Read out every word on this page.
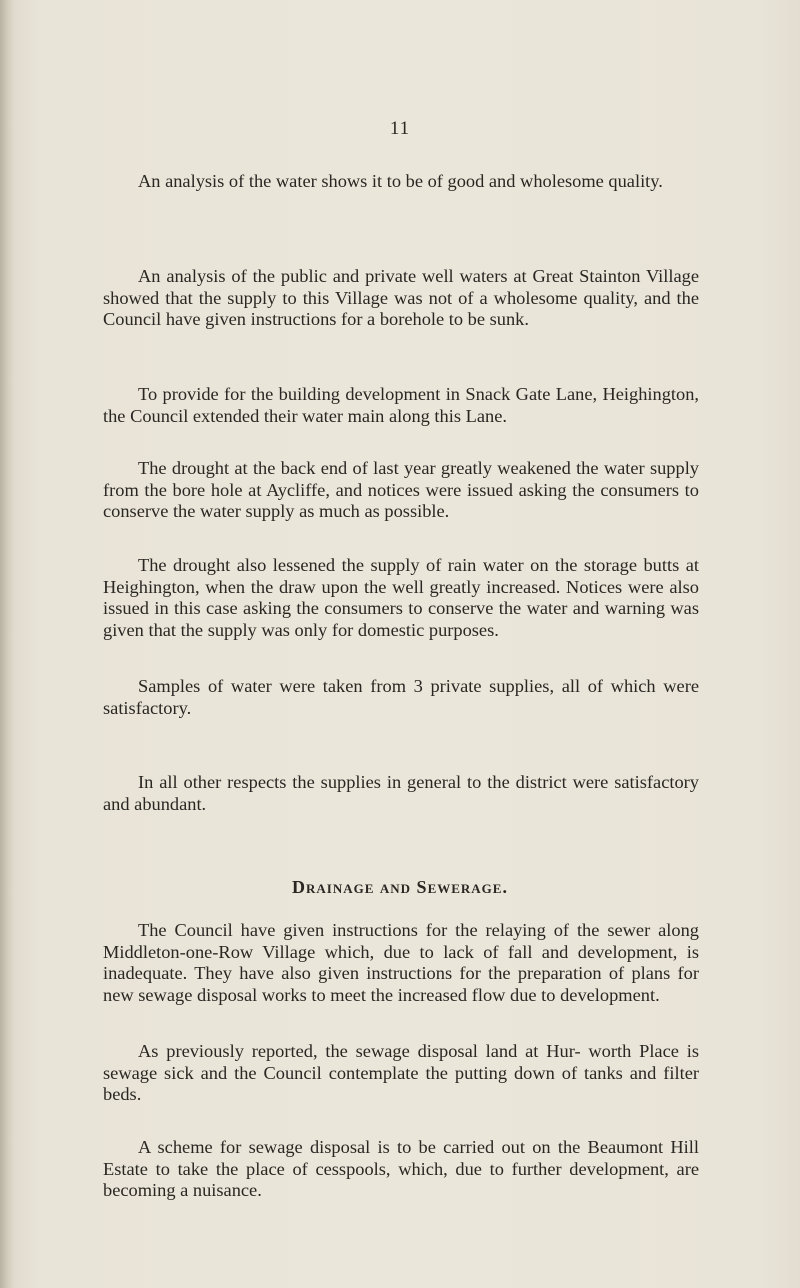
11

An analysis of the water shows it to be of good and wholesome quality.

An analysis of the public and private well waters at Great Stainton Village showed that the supply to this Village was not of a wholesome quality, and the Council have given instructions for a borehole to be sunk.

To provide for the building development in Snack Gate Lane, Heighington, the Council extended their water main along this Lane.

The drought at the back end of last year greatly weakened the water supply from the bore hole at Aycliffe, and notices were issued asking the consumers to conserve the water supply as much as possible.

The drought also lessened the supply of rain water on the storage butts at Heighington, when the draw upon the well greatly increased. Notices were also issued in this case asking the consumers to conserve the water and warning was given that the supply was only for domestic purposes.

Samples of water were taken from 3 private supplies, all of which were satisfactory.

In all other respects the supplies in general to the district were satisfactory and abundant.

Drainage and Sewerage.

The Council have given instructions for the relaying of the sewer along Middleton-one-Row Village which, due to lack of fall and development, is inadequate. They have also given instructions for the preparation of plans for new sewage disposal works to meet the increased flow due to development.

As previously reported, the sewage disposal land at Hur- worth Place is sewage sick and the Council contemplate the putting down of tanks and filter beds.

A scheme for sewage disposal is to be carried out on the Beaumont Hill Estate to take the place of cesspools, which, due to further development, are becoming a nuisance.
